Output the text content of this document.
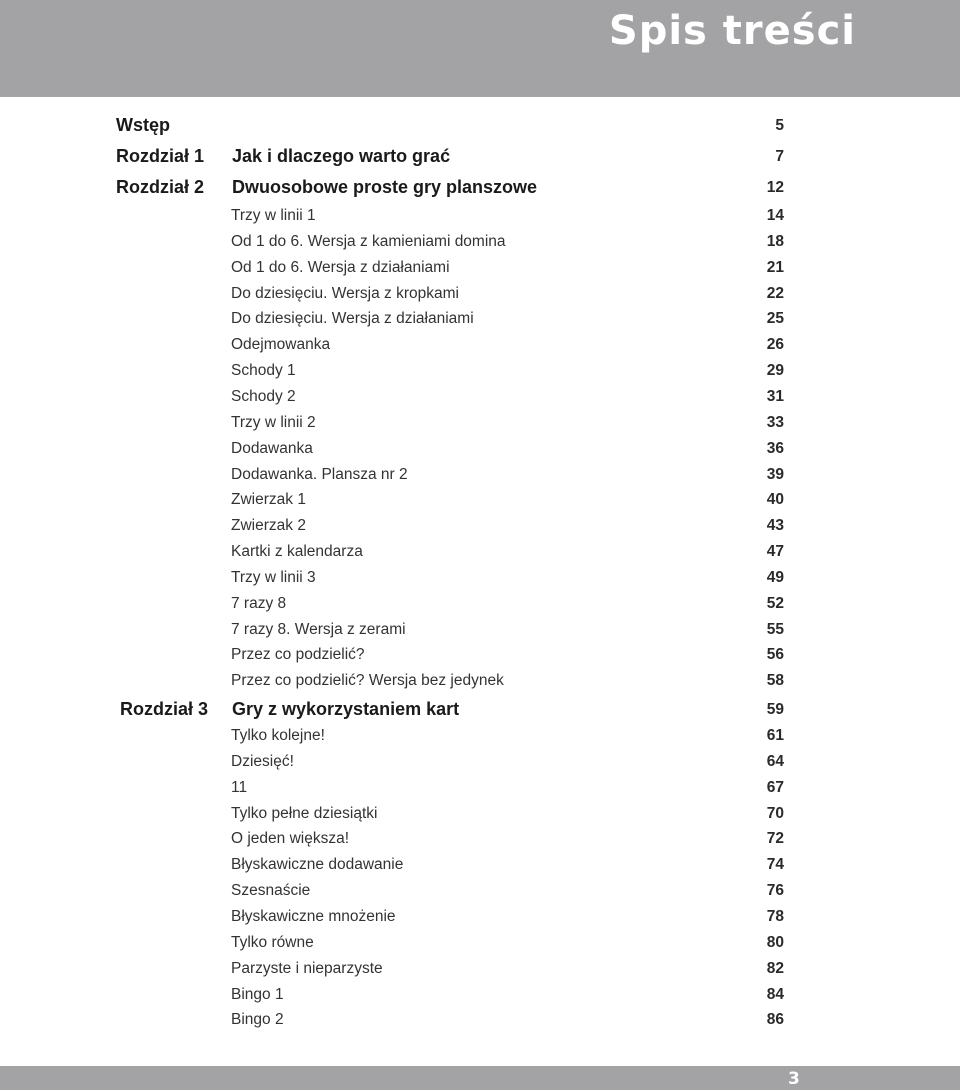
Spis treści
Wstęp	5
Rozdział 1 Jak i dlaczego warto grać	7
Rozdział 2 Dwuosobowe proste gry planszowe	12
Trzy w linii 1	14
Od 1 do 6. Wersja z kamieniami domina	18
Od 1 do 6. Wersja z działaniami	21
Do dziesięciu. Wersja z kropkami	22
Do dziesięciu. Wersja z działaniami	25
Odejmowanka	26
Schody 1	29
Schody 2	31
Trzy w linii 2	33
Dodawanka	36
Dodawanka. Plansza nr 2	39
Zwierzak 1	40
Zwierzak 2	43
Kartki z kalendarza	47
Trzy w linii 3	49
7 razy 8	52
7 razy 8. Wersja z zerami	55
Przez co podzielić?	56
Przez co podzielić? Wersja bez jedynek	58
Rozdział 3 Gry z wykorzystaniem kart	59
Tylko kolejne!	61
Dziesięć!	64
11	67
Tylko pełne dziesiątki	70
O jeden większa!	72
Błyskawiczne dodawanie	74
Szesnaście	76
Błyskawiczne mnożenie	78
Tylko równe	80
Parzyste i nieparzyste	82
Bingo 1	84
Bingo 2	86
3
